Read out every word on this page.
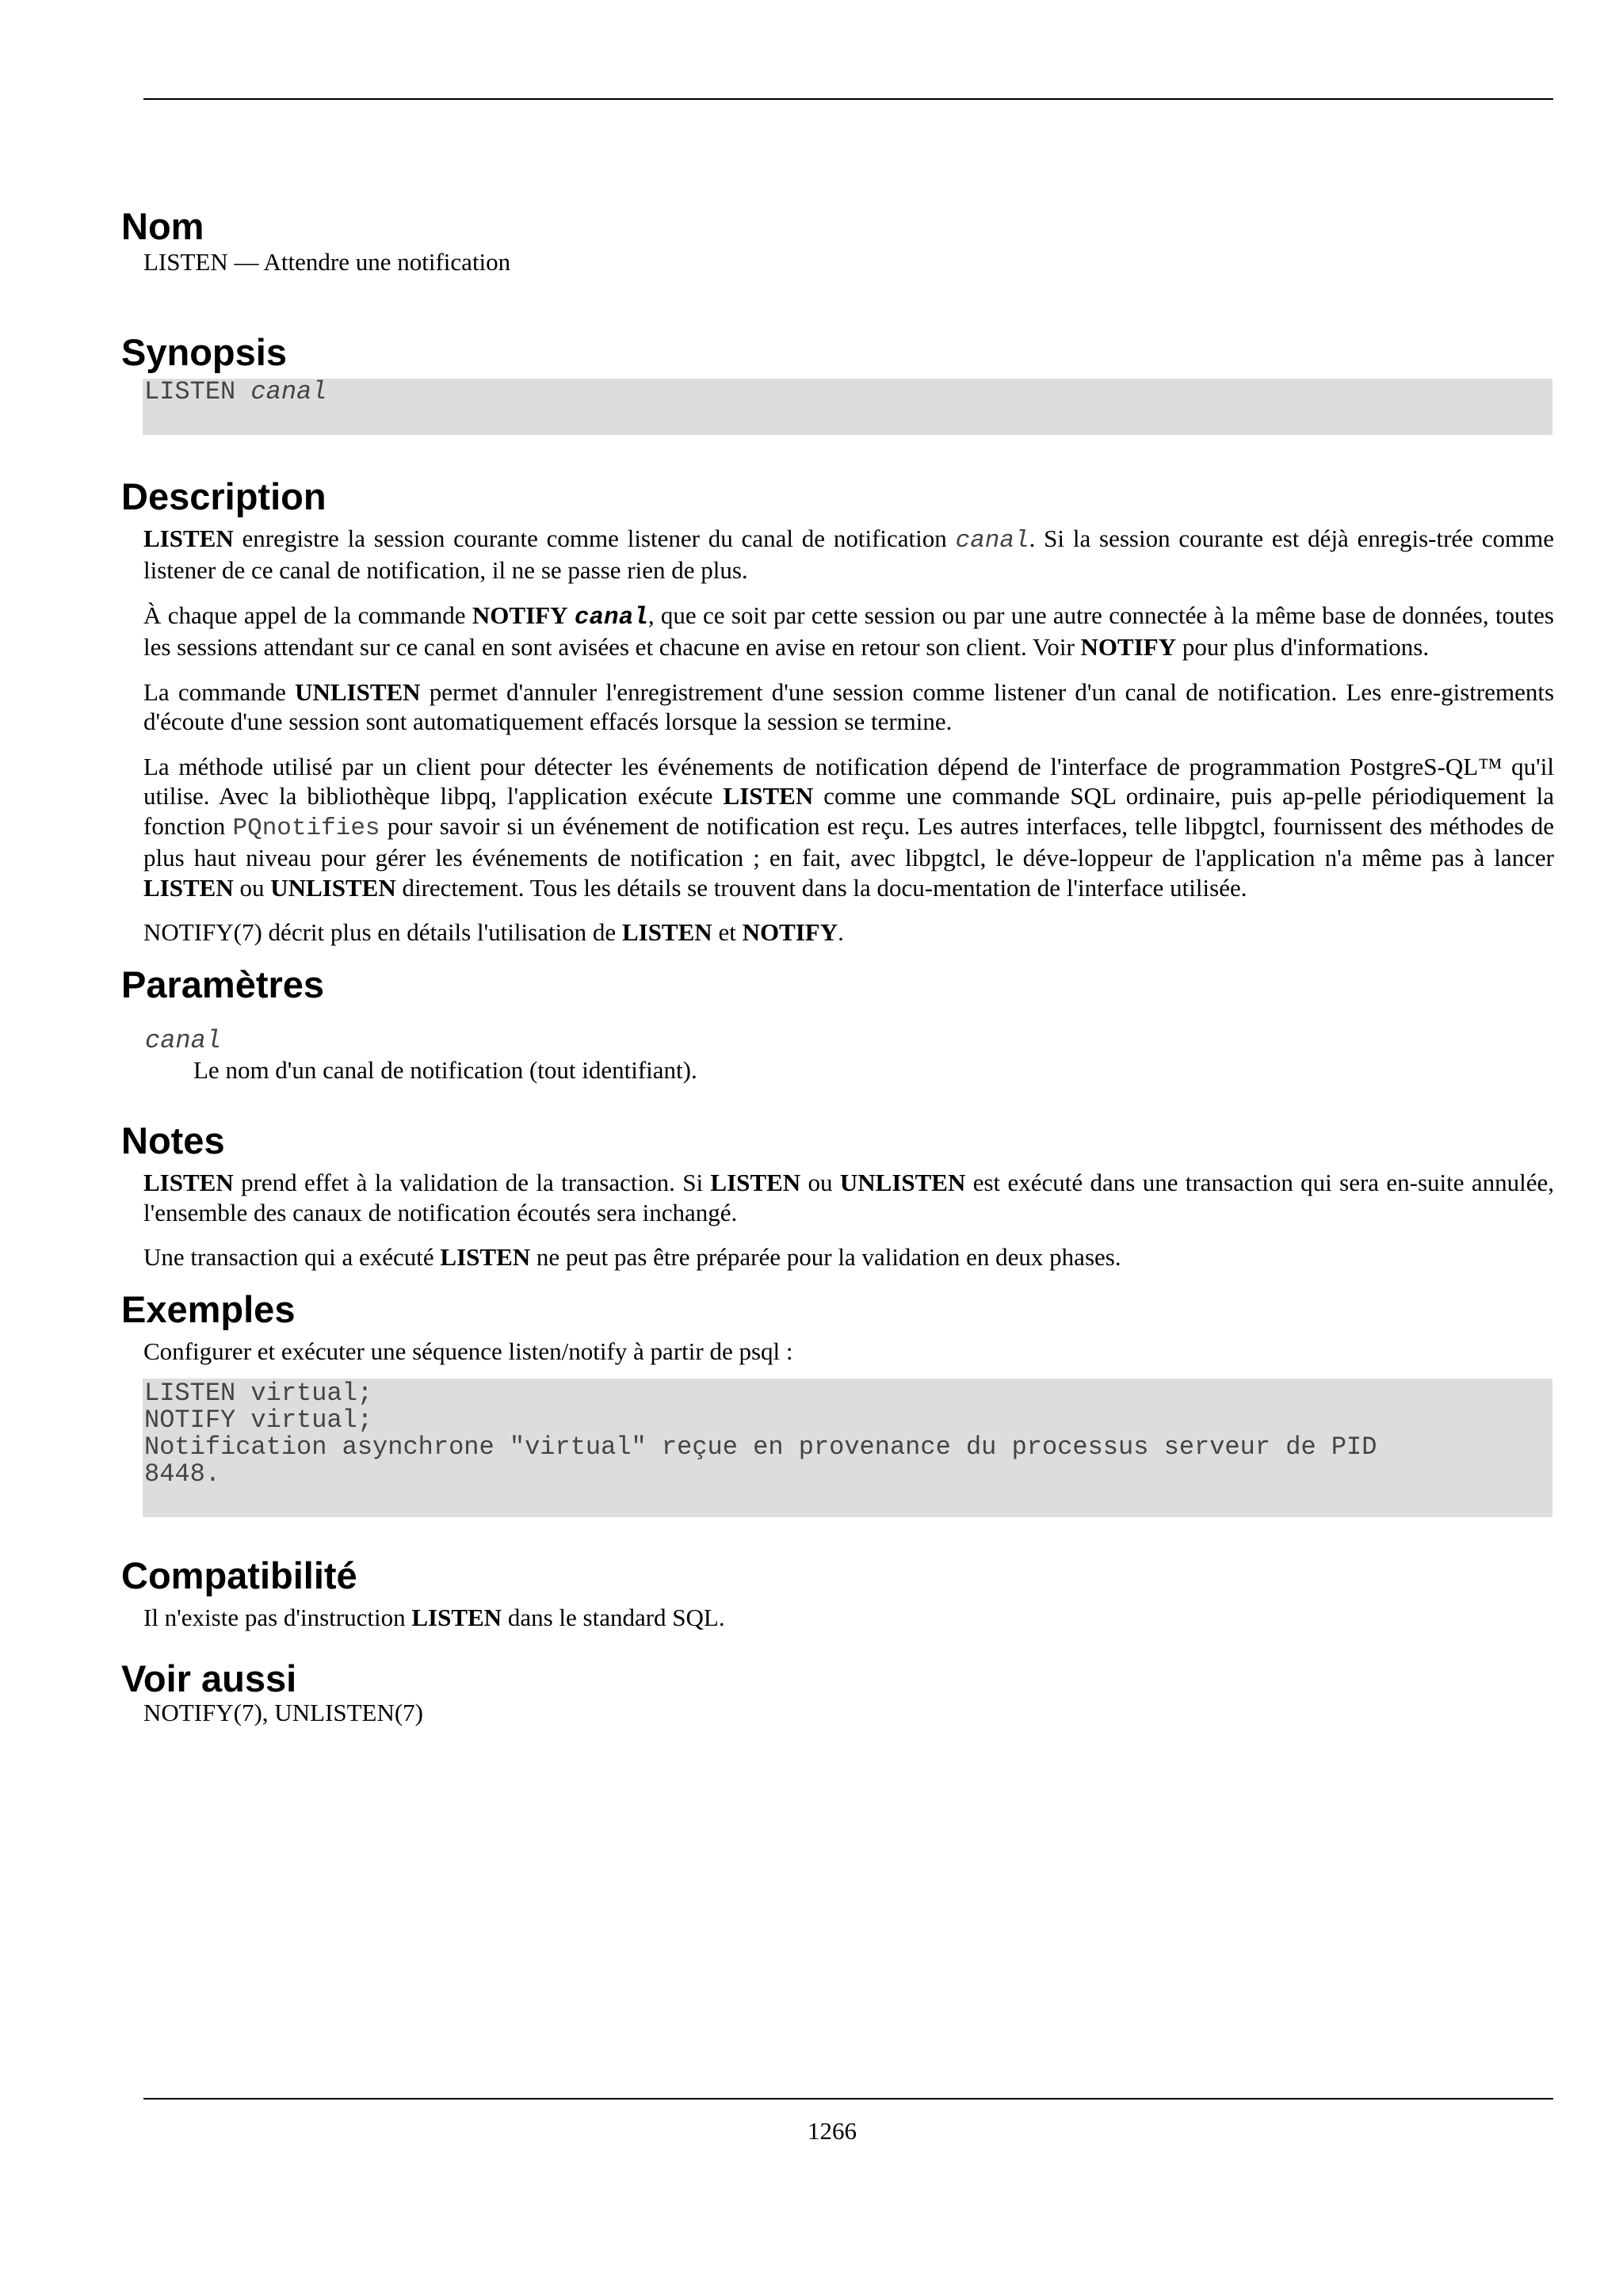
Nom
LISTEN — Attendre une notification
Synopsis
LISTEN canal
Description

LISTEN enregistre la session courante comme listener du canal de notification canal. Si la session courante est déjà enregis-trée comme listener de ce canal de notification, il ne se passe rien de plus.

À chaque appel de la commande NOTIFY canal, que ce soit par cette session ou par une autre connectée à la même base de données, toutes les sessions attendant sur ce canal en sont avisées et chacune en avise en retour son client. Voir NOTIFY pour plus d'informations.

La commande UNLISTEN permet d'annuler l'enregistrement d'une session comme listener d'un canal de notification. Les enre-gistrements d'écoute d'une session sont automatiquement effacés lorsque la session se termine.

La méthode utilisé par un client pour détecter les événements de notification dépend de l'interface de programmation PostgreS-QL™ qu'il utilise. Avec la bibliothèque libpq, l'application exécute LISTEN comme une commande SQL ordinaire, puis ap-pelle périodiquement la fonction PQnotifies pour savoir si un événement de notification est reçu. Les autres interfaces, telle libpgtcl, fournissent des méthodes de plus haut niveau pour gérer les événements de notification ; en fait, avec libpgtcl, le déve-loppeur de l'application n'a même pas à lancer LISTEN ou UNLISTEN directement. Tous les détails se trouvent dans la docu-mentation de l'interface utilisée.

NOTIFY(7) décrit plus en détails l'utilisation de LISTEN et NOTIFY.

Paramètres
canal
Le nom d'un canal de notification (tout identifiant).
Notes

LISTEN prend effet à la validation de la transaction. Si LISTEN ou UNLISTEN est exécuté dans une transaction qui sera en-suite annulée, l'ensemble des canaux de notification écoutés sera inchangé.

Une transaction qui a exécuté LISTEN ne peut pas être préparée pour la validation en deux phases.

Exemples
Configurer et exécuter une séquence listen/notify à partir de psql :
LISTEN virtual;
NOTIFY virtual;
Notification asynchrone "virtual" reçue en provenance du processus serveur de PID
8448.
Compatibilité
Il n'existe pas d'instruction LISTEN dans le standard SQL.
Voir aussi
NOTIFY(7), UNLISTEN(7)
1266
